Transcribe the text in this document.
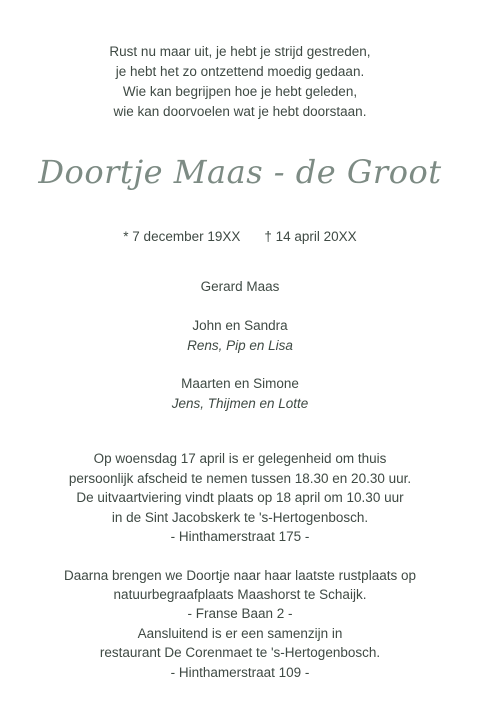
Rust nu maar uit, je hebt je strijd gestreden,
je hebt het zo ontzettend moedig gedaan.
Wie kan begrijpen hoe je hebt geleden,
wie kan doorvoelen wat je hebt doorstaan.
Doortje Maas - de Groot
* 7 december 19XX † 14 april 20XX
Gerard Maas
John en Sandra
Rens, Pip en Lisa
Maarten en Simone
Jens, Thijmen en Lotte
Op woensdag 17 april is er gelegenheid om thuis
persoonlijk afscheid te nemen tussen 18.30 en 20.30 uur.
De uitvaartviering vindt plaats op 18 april om 10.30 uur
in de Sint Jacobskerk te 's-Hertogenbosch.
- Hinthamerstraat 175 -
Daarna brengen we Doortje naar haar laatste rustplaats op
natuurbegraafplaats Maashorst te Schaijk.
- Franse Baan 2 -
Aansluitend is er een samenzijn in
restaurant De Corenmaet te 's-Hertogenbosch.
- Hinthamerstraat 109 -
